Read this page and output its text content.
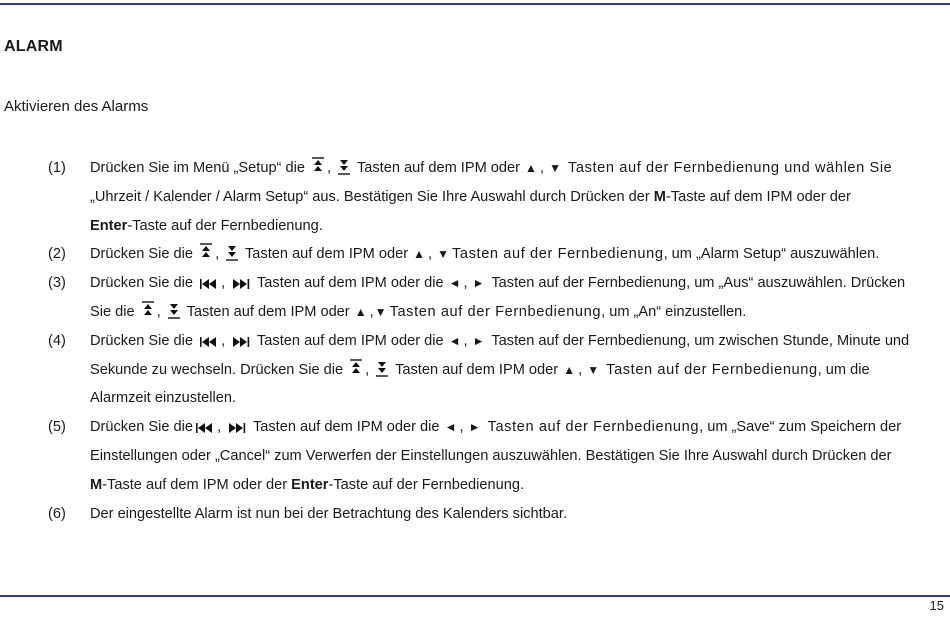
ALARM
Aktivieren des Alarms
(1) Drücken Sie im Menü „Setup“ die , Tasten auf dem IPM oder ▲ , ▼ Tasten auf der Fernbedienung und wählen Sie
„Uhrzeit / Kalender / Alarm Setup“ aus. Bestätigen Sie Ihre Auswahl durch Drücken der M-Taste auf dem IPM oder der
Enter-Taste auf der Fernbedienung.
(2) Drücken Sie die , Tasten auf dem IPM oder ▲ , ▼ Tasten auf der Fernbedienung, um „Alarm Setup“ auszuwählen.
(3) Drücken Sie die , Tasten auf dem IPM oder die ◄ , ► Tasten auf der Fernbedienung, um „Aus“ auszuwählen. Drücken
Sie die , Tasten auf dem IPM oder ▲ ,▼ Tasten auf der Fernbedienung, um „An“ einzustellen.
(4) Drücken Sie die , Tasten auf dem IPM oder die ◄ , ► Tasten auf der Fernbedienung, um zwischen Stunde, Minute und
Sekunde zu wechseln. Drücken Sie die , Tasten auf dem IPM oder ▲ , ▼ Tasten auf der Fernbedienung, um die
Alarmzeit einzustellen.
(5) Drücken Sie die , Tasten auf dem IPM oder die ◄ , ► Tasten auf der Fernbedienung, um „Save“ zum Speichern der
Einstellungen oder „Cancel“ zum Verwerfen der Einstellungen auszuwählen. Bestätigen Sie Ihre Auswahl durch Drücken der
M-Taste auf dem IPM oder der Enter-Taste auf der Fernbedienung.
(6) Der eingestellte Alarm ist nun bei der Betrachtung des Kalenders sichtbar.
15
